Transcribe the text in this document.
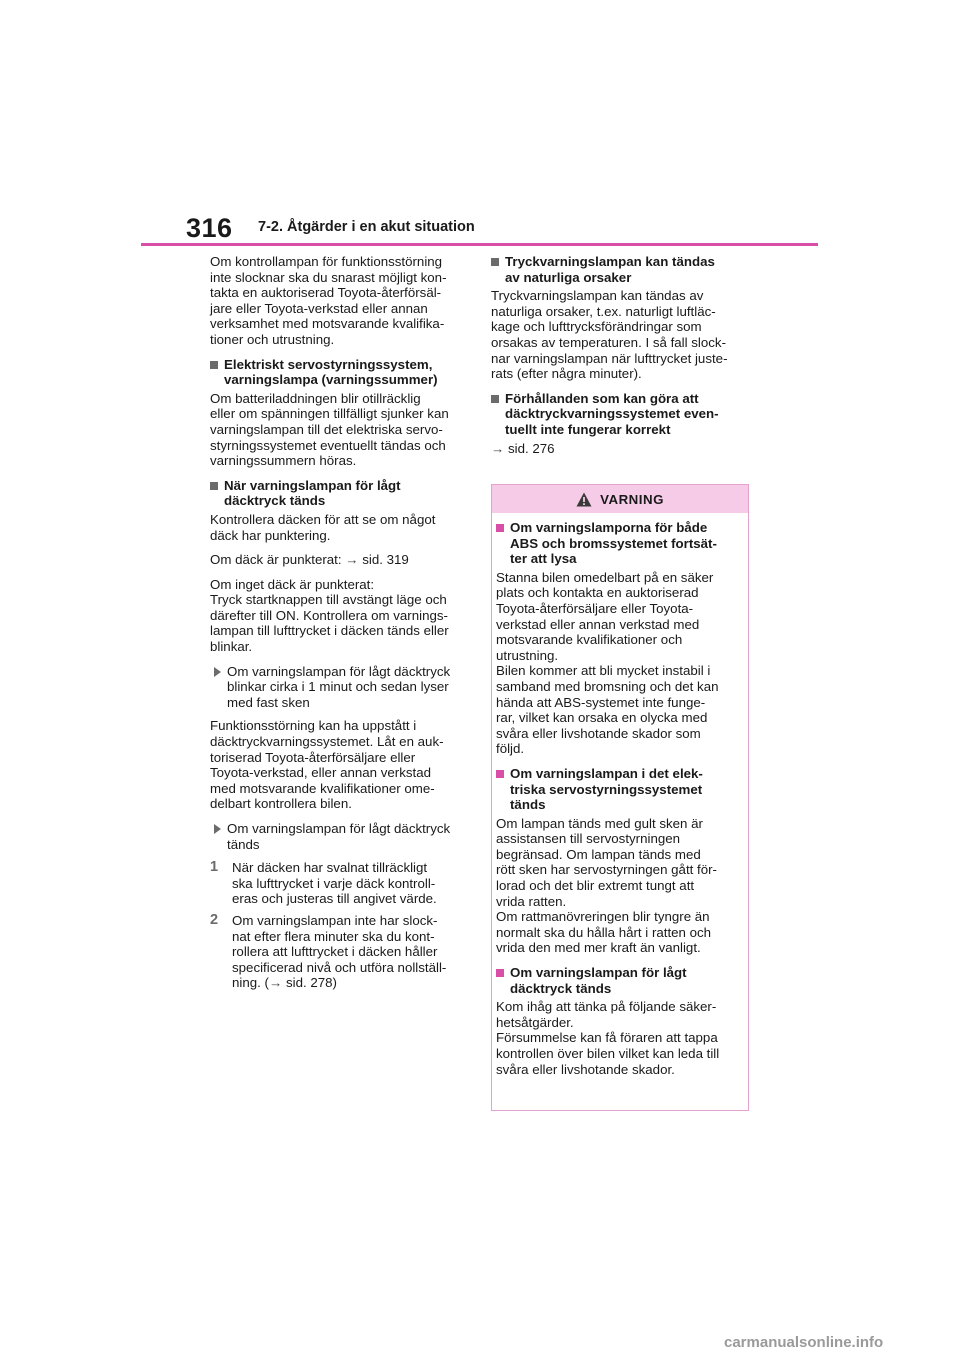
316 7-2. Åtgärder i en akut situation

Om kontrollampan för funktionsstörning
inte slocknar ska du snarast möjligt kon-
takta en auktoriserad Toyota-återförsäl-
jare eller Toyota-verkstad eller annan
verksamhet med motsvarande kvalifika-
tioner och utrustning.

Elektriskt servostyrningssystem,
varningslampa (varningssummer)

Om batteriladdningen blir otillräcklig
eller om spänningen tillfälligt sjunker kan
varningslampan till det elektriska servo-
styrningssystemet eventuellt tändas och
varningssummern höras.

När varningslampan för lågt
däcktryck tänds

Kontrollera däcken för att se om något
däck har punktering.

Om däck är punkterat: → sid. 319

Om inget däck är punkterat:
Tryck startknappen till avstängt läge och
därefter till ON. Kontrollera om varnings-
lampan till lufttrycket i däcken tänds eller
blinkar.

Om varningslampan för lågt däcktryck
blinkar cirka i 1 minut och sedan lyser
med fast sken

Funktionsstörning kan ha uppstått i
däcktryckvarningssystemet. Låt en auk-
toriserad Toyota-återförsäljare eller
Toyota-verkstad, eller annan verkstad
med motsvarande kvalifikationer ome-
delbart kontrollera bilen.

Om varningslampan för lågt däcktryck
tänds
1	När däcken har svalnat tillräckligt
ska lufttrycket i varje däck kontroll-
eras och justeras till angivet värde.
2	Om varningslampan inte har slock-
nat efter flera minuter ska du kont-
rollera att lufttrycket i däcken håller
specificerad nivå och utföra nollställ-
ning. (→ sid. 278)
Tryckvarningslampan kan tändas
av naturliga orsaker

Tryckvarningslampan kan tändas av
naturliga orsaker, t.ex. naturligt luftläc-
kage och lufttrycksförändringar som
orsakas av temperaturen. I så fall slock-
nar varningslampan när lufttrycket juste-
rats (efter några minuter).

Förhållanden som kan göra att
däcktryckvarningssystemet even-
tuellt inte fungerar korrekt

→ sid. 276

VARNING
Om varningslamporna för både
ABS och bromssystemet fortsät-
ter att lysa

Stanna bilen omedelbart på en säker
plats och kontakta en auktoriserad
Toyota-återförsäljare eller Toyota-
verkstad eller annan verkstad med
motsvarande kvalifikationer och
utrustning.
Bilen kommer att bli mycket instabil i
samband med bromsning och det kan
hända att ABS-systemet inte funge-
rar, vilket kan orsaka en olycka med
svåra eller livshotande skador som
följd.

Om varningslampan i det elek-
triska servostyrningssystemet
tänds

Om lampan tänds med gult sken är
assistansen till servostyrningen
begränsad. Om lampan tänds med
rött sken har servostyrningen gått för-
lorad och det blir extremt tungt att
vrida ratten.
Om rattmanövreringen blir tyngre än
normalt ska du hålla hårt i ratten och
vrida den med mer kraft än vanligt.

Om varningslampan för lågt
däcktryck tänds

Kom ihåg att tänka på följande säker-
hetsåtgärder.
Försummelse kan få föraren att tappa
kontrollen över bilen vilket kan leda till
svåra eller livshotande skador.

carmanualsonline.info
